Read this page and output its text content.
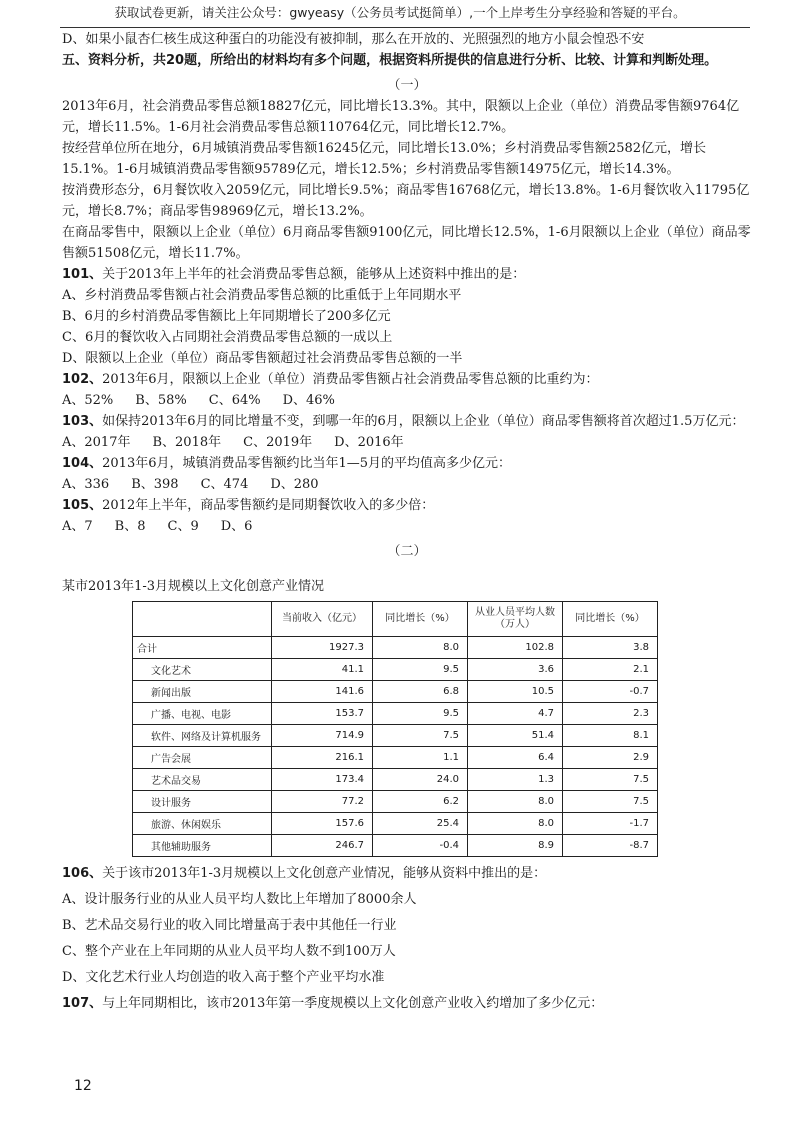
获取试卷更新，请关注公众号：gwyeasy（公务员考试挺简单）,一个上岸考生分享经验和答疑的平台。

D、如果小鼠杏仁核生成这种蛋白的功能没有被抑制，那么在开放的、光照强烈的地方小鼠会惶恐不安

五、资料分析，共20题，所给出的材料均有多个问题，根据资料所提供的信息进行分析、比较、计算和判断处理。

（一）

2013年6月，社会消费品零售总额18827亿元，同比增长13.3%。其中，限额以上企业（单位）消费品零售额9764亿元，增长11.5%。1-6月社会消费品零售总额110764亿元，同比增长12.7%。

按经营单位所在地分，6月城镇消费品零售额16245亿元，同比增长13.0%；乡村消费品零售额2582亿元，增长15.1%。1-6月城镇消费品零售额95789亿元，增长12.5%；乡村消费品零售额14975亿元，增长14.3%。

按消费形态分，6月餐饮收入2059亿元，同比增长9.5%；商品零售16768亿元，增长13.8%。1-6月餐饮收入11795亿元，增长8.7%；商品零售98969亿元，增长13.2%。

在商品零售中，限额以上企业（单位）6月商品零售额9100亿元，同比增长12.5%，1-6月限额以上企业（单位）商品零售额51508亿元，增长11.7%。

101、关于2013年上半年的社会消费品零售总额，能够从上述资料中推出的是：

A、乡村消费品零售额占社会消费品零售总额的比重低于上年同期水平

B、6月的乡村消费品零售额比上年同期增长了200多亿元

C、6月的餐饮收入占同期社会消费品零售总额的一成以上

D、限额以上企业（单位）商品零售额超过社会消费品零售总额的一半

102、2013年6月，限额以上企业（单位）消费品零售额占社会消费品零售总额的比重约为：

A、52% B、58% C、64% D、46%

103、如保持2013年6月的同比增量不变，到哪一年的6月，限额以上企业（单位）商品零售额将首次超过1.5万亿元：

A、2017年 B、2018年 C、2019年 D、2016年

104、2013年6月，城镇消费品零售额约比当年1—5月的平均值高多少亿元：

A、336 B、398 C、474 D、280

105、2012年上半年，商品零售额约是同期餐饮收入的多少倍：

A、7 B、8 C、9 D、6

（二）

某市2013年1-3月规模以上文化创意产业情况

	当前收入（亿元）	同比增长（%）	从业人员平均人数（万人）	同比增长（%）
合计	1927.3	8.0	102.8	3.8
文化艺术	41.1	9.5	3.6	2.1
新闻出版	141.6	6.8	10.5	-0.7
广播、电视、电影	153.7	9.5	4.7	2.3
软件、网络及计算机服务	714.9	7.5	51.4	8.1
广告会展	216.1	1.1	6.4	2.9
艺术品交易	173.4	24.0	1.3	7.5
设计服务	77.2	6.2	8.0	7.5
旅游、休闲娱乐	157.6	25.4	8.0	-1.7
其他辅助服务	246.7	-0.4	8.9	-8.7

106、关于该市2013年1-3月规模以上文化创意产业情况，能够从资料中推出的是：

A、设计服务行业的从业人员平均人数比上年增加了8000余人

B、艺术品交易行业的收入同比增量高于表中其他任一行业

C、整个产业在上年同期的从业人员平均人数不到100万人

D、文化艺术行业人均创造的收入高于整个产业平均水准

107、与上年同期相比，该市2013年第一季度规模以上文化创意产业收入约增加了多少亿元：

12
